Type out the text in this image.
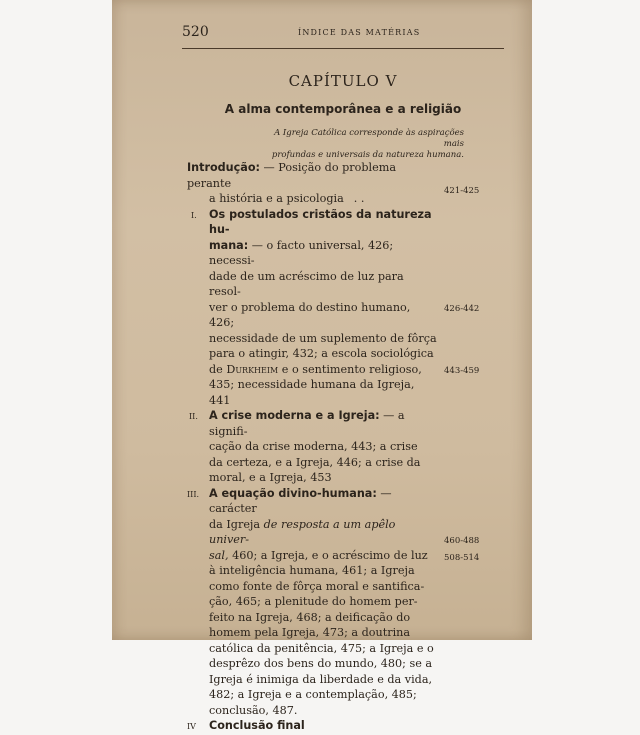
520	ÍNDICE DAS MATÉRIAS
CAPÍTULO V
A alma contemporânea e a religião
A Igreja Católica corresponde às aspirações mais
profundas e universais da natureza humana.
Introdução: — Posição do problema perante
a história e a psicologia . .
I. Os postulados cristãos da natureza hu-
mana: — o facto universal, 426; necessi-
dade de um acréscimo de luz para resol-
ver o problema do destino humano, 426;
necessidade de um suplemento de fôrça
para o atingir, 432; a escola sociológica
de Durkheim e o sentimento religioso,
435; necessidade humana da Igreja, 441
II. A crise moderna e a Igreja: — a signifi-
cação da crise moderna, 443; a crise
da certeza, e a Igreja, 446; a crise da
moral, e a Igreja, 453
III. A equação divino-humana: — carácter
da Igreja de resposta a um apêlo univer-
sal, 460; a Igreja, e o acréscimo de luz
à inteligência humana, 461; a Igreja
como fonte de fôrça moral e santifica-
ção, 465; a plenitude do homem per-
feito na Igreja, 468; a deificação do
homem pela Igreja, 473; a doutrina
católica da penitência, 475; a Igreja e o
desprêzo dos bens do mundo, 480; se a
Igreja é inimiga da liberdade e da vida,
482; a Igreja e a contemplação, 485;
conclusão, 487.
IV Conclusão final
421-425
426-442
443-459
460-488
508-514
